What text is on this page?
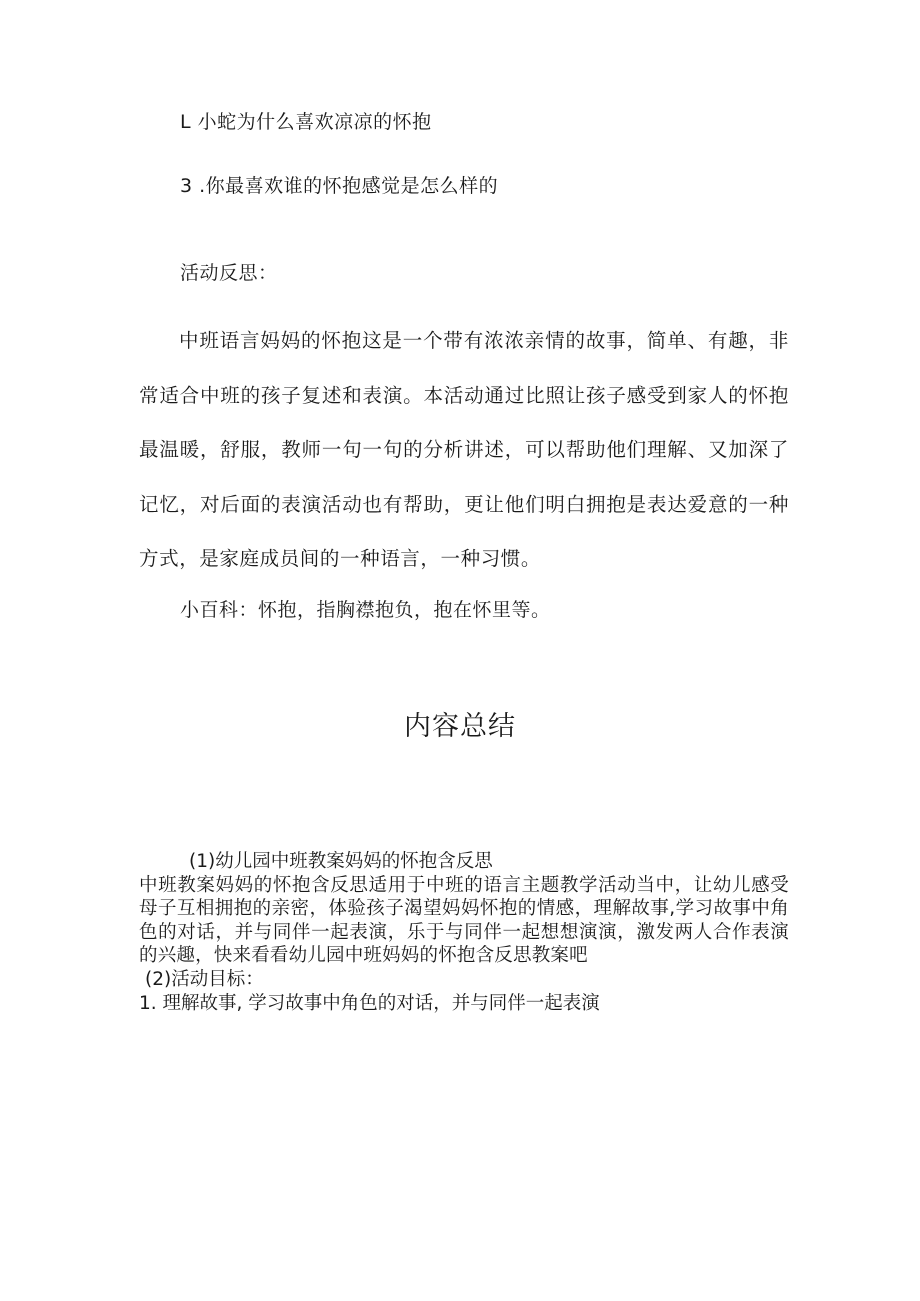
L 小蛇为什么喜欢凉凉的怀抱
3 .你最喜欢谁的怀抱感觉是怎么样的
活动反思：

中班语言妈妈的怀抱这是一个带有浓浓亲情的故事，简单、有趣，非常适合中班的孩子复述和表演。本活动通过比照让孩子感受到家人的怀抱最温暖，舒服，教师一句一句的分析讲述，可以帮助他们理解、又加深了记忆，对后面的表演活动也有帮助，更让他们明白拥抱是表达爱意的一种方式，是家庭成员间的一种语言，一种习惯。

小百科：怀抱，指胸襟抱负，抱在怀里等。
内容总结
(1)幼儿园中班教案妈妈的怀抱含反思
中班教案妈妈的怀抱含反思适用于中班的语言主题教学活动当中，让幼儿感受母子互相拥抱的亲密，体验孩子渴望妈妈怀抱的情感，理解故事,学习故事中角色的对话，并与同伴一起表演，乐于与同伴一起想想演演，激发两人合作表演的兴趣，快来看看幼儿园中班妈妈的怀抱含反思教案吧
(2)活动目标：
1. 理解故事, 学习故事中角色的对话，并与同伴一起表演
